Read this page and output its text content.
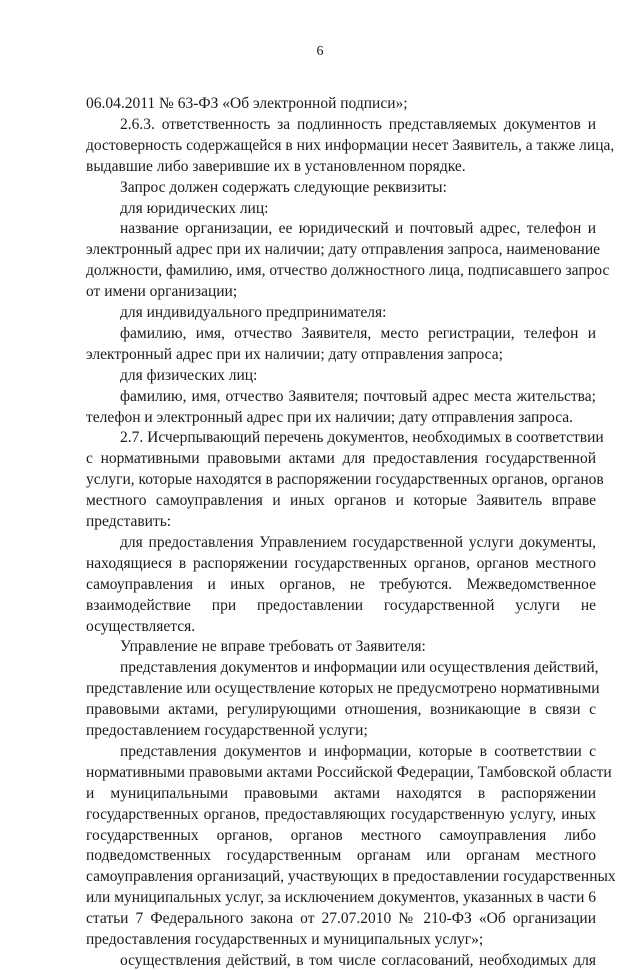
6
06.04.2011 № 63-ФЗ «Об электронной подписи»;
2.6.3. ответственность за подлинность представляемых документов и
достоверность содержащейся в них информации несет Заявитель, а также лица,
выдавшие либо заверившие их в установленном порядке.
Запрос должен содержать следующие реквизиты:
для юридических лиц:
название организации, ее юридический и почтовый адрес, телефон и
электронный адрес при их наличии; дату отправления запроса, наименование
должности, фамилию, имя, отчество должностного лица, подписавшего запрос
от имени организации;
для индивидуального предпринимателя:
фамилию, имя, отчество Заявителя, место регистрации, телефон и
электронный адрес при их наличии; дату отправления запроса;
для физических лиц:
фамилию, имя, отчество Заявителя; почтовый адрес места жительства;
телефон и электронный адрес при их наличии; дату отправления запроса.
2.7. Исчерпывающий перечень документов, необходимых в соответствии
с нормативными правовыми актами для предоставления государственной
услуги, которые находятся в распоряжении государственных органов, органов
местного самоуправления и иных органов и которые Заявитель вправе
представить:
для предоставления Управлением государственной услуги документы,
находящиеся в распоряжении государственных органов, органов местного
самоуправления и иных органов, не требуются. Межведомственное
взаимодействие при предоставлении государственной услуги не
осуществляется.
Управление не вправе требовать от Заявителя:
представления документов и информации или осуществления действий,
представление или осуществление которых не предусмотрено нормативными
правовыми актами, регулирующими отношения, возникающие в связи с
предоставлением государственной услуги;
представления документов и информации, которые в соответствии с
нормативными правовыми актами Российской Федерации, Тамбовской области
и муниципальными правовыми актами находятся в распоряжении
государственных органов, предоставляющих государственную услугу, иных
государственных органов, органов местного самоуправления либо
подведомственных государственным органам или органам местного
самоуправления организаций, участвующих в предоставлении государственных
или муниципальных услуг, за исключением документов, указанных в части 6
статьи 7 Федерального закона от 27.07.2010 № 210-ФЗ «Об организации
предоставления государственных и муниципальных услуг»;
осуществления действий, в том числе согласований, необходимых для
